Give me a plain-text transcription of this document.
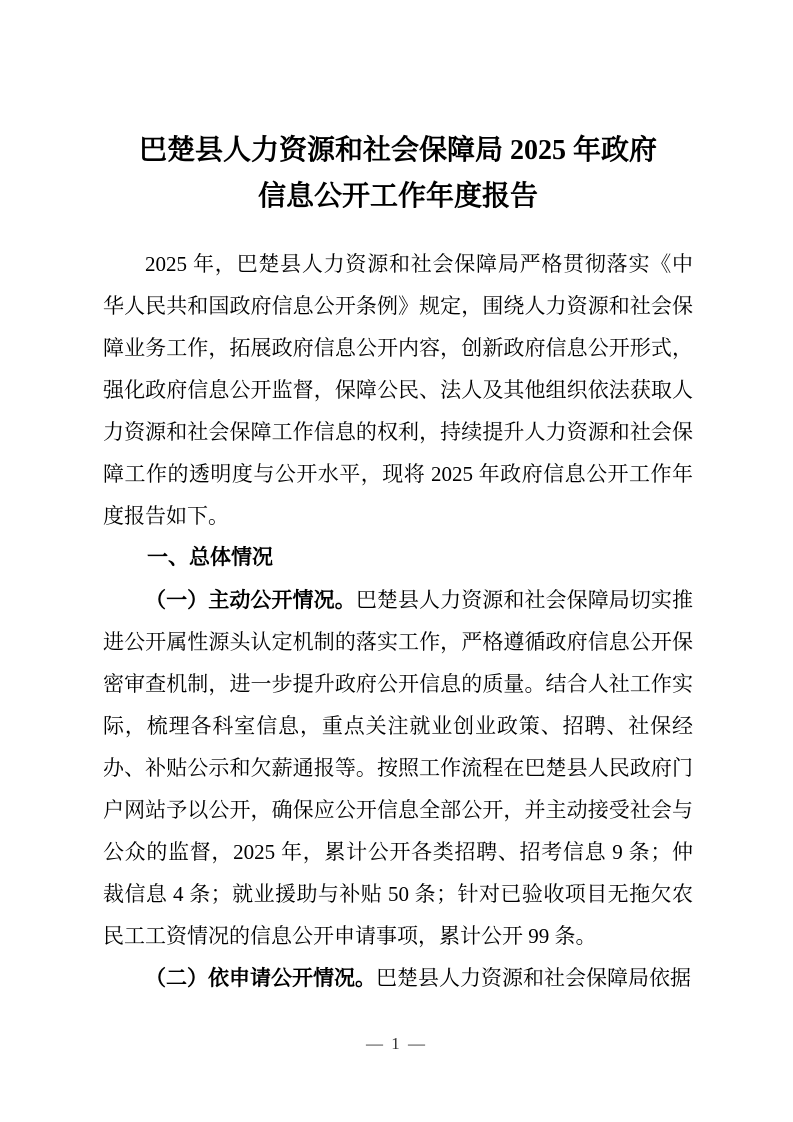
巴楚县人力资源和社会保障局 2025 年政府
信息公开工作年度报告

2025 年，巴楚县人力资源和社会保障局严格贯彻落实《中华人民共和国政府信息公开条例》规定，围绕人力资源和社会保障业务工作，拓展政府信息公开内容，创新政府信息公开形式，强化政府信息公开监督，保障公民、法人及其他组织依法获取人力资源和社会保障工作信息的权利，持续提升人力资源和社会保障工作的透明度与公开水平，现将 2025 年政府信息公开工作年度报告如下。

一、总体情况

（一）主动公开情况。巴楚县人力资源和社会保障局切实推进公开属性源头认定机制的落实工作，严格遵循政府信息公开保密审查机制，进一步提升政府公开信息的质量。结合人社工作实际，梳理各科室信息，重点关注就业创业政策、招聘、社保经办、补贴公示和欠薪通报等。按照工作流程在巴楚县人民政府门户网站予以公开，确保应公开信息全部公开，并主动接受社会与公众的监督，2025 年，累计公开各类招聘、招考信息 9 条；仲裁信息 4 条；就业援助与补贴 50 条；针对已验收项目无拖欠农民工工资情况的信息公开申请事项，累计公开 99 条。

（二）依申请公开情况。巴楚县人力资源和社会保障局依据

— 1 —
